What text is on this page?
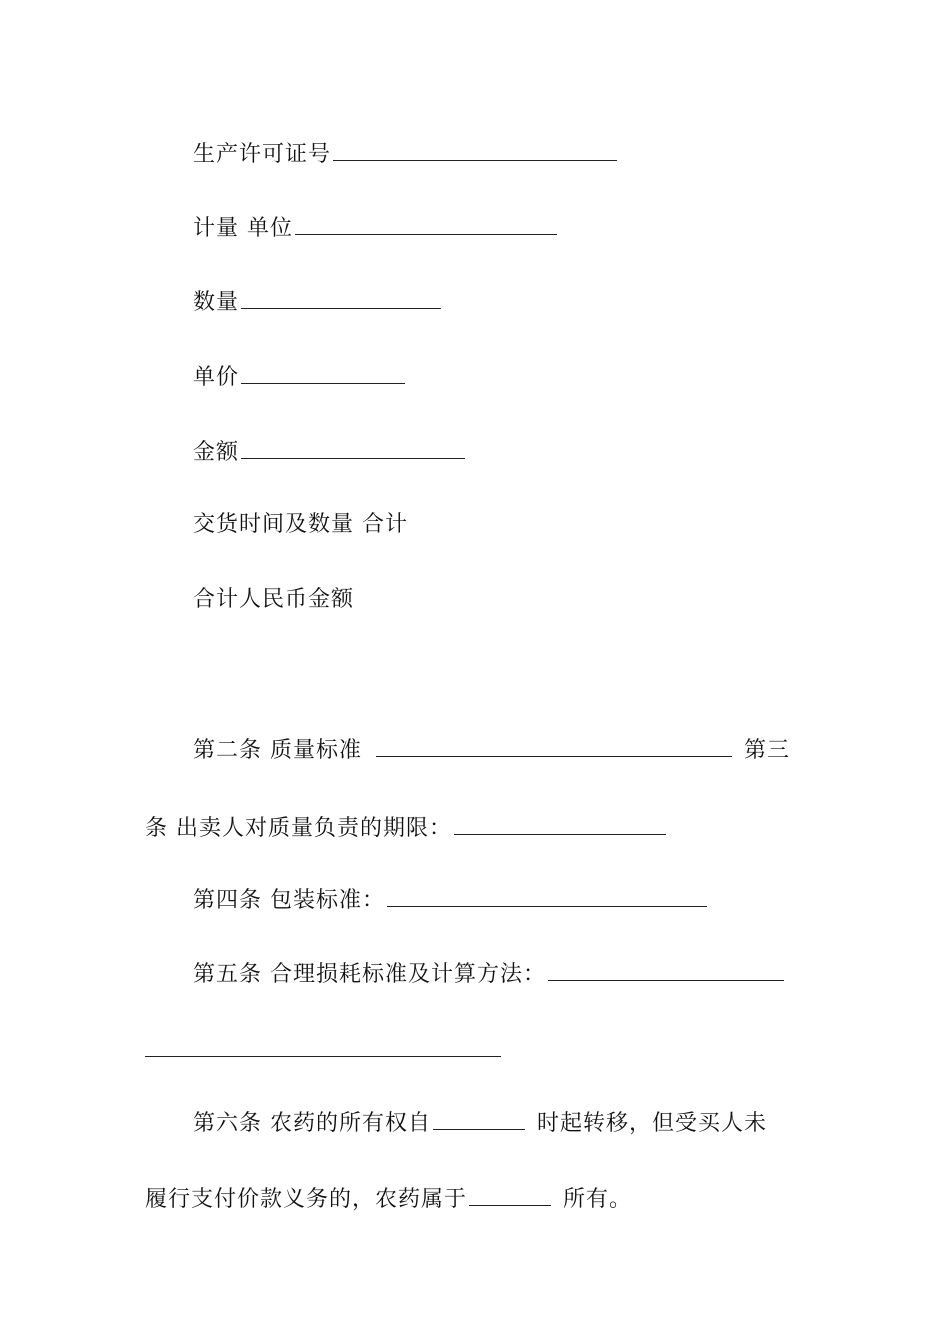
生产许可证号
计量 单位
数量
单价
金额
交货时间及数量 合计
合计人民币金额
第二条 质量标准	第三
条 出卖人对质量负责的期限：
第四条 包装标准：
第五条 合理损耗标准及计算方法：
第六条 农药的所有权自	时起转移，但受买人未
履行支付价款义务的，农药属于	所有。
